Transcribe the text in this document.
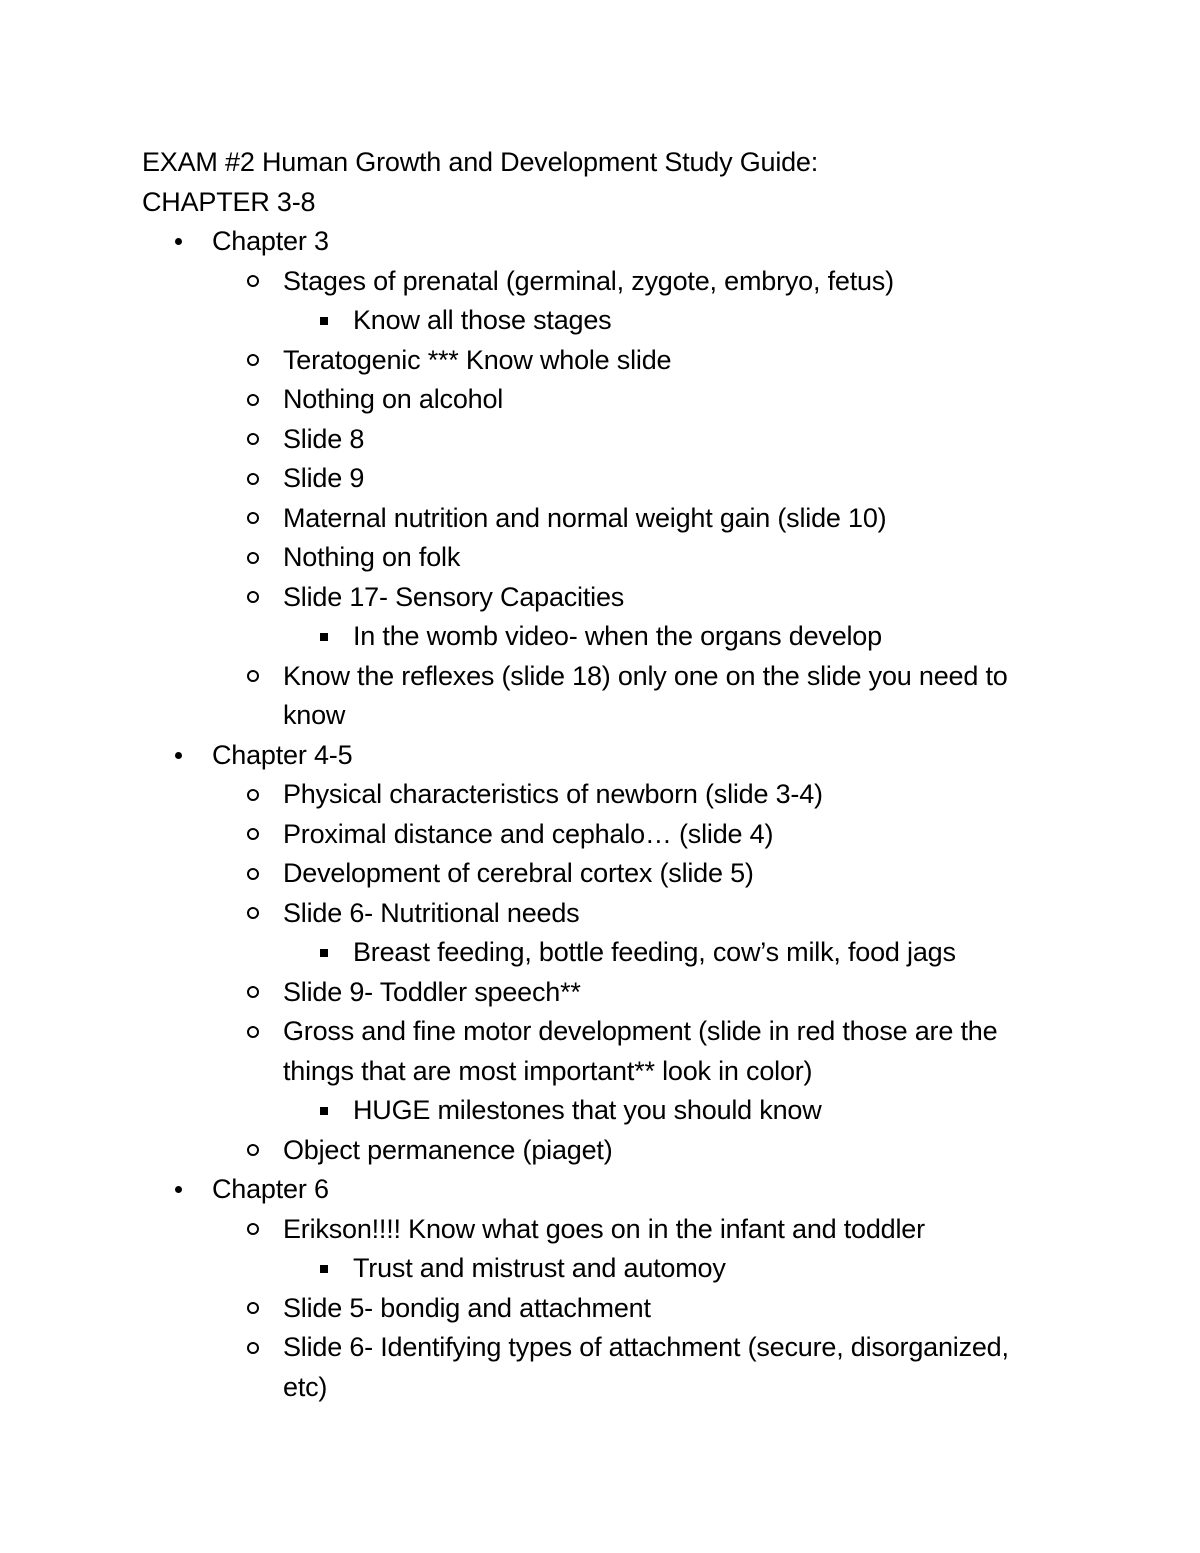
EXAM #2 Human Growth and Development Study Guide:

CHAPTER 3-8

Chapter 3
Stages of prenatal (germinal, zygote, embryo, fetus)
Know all those stages
Teratogenic *** Know whole slide
Nothing on alcohol
Slide 8
Slide 9
Maternal nutrition and normal weight gain (slide 10)
Nothing on folk
Slide 17- Sensory Capacities
In the womb video- when the organs develop
Know the reflexes (slide 18) only one on the slide you need to know
Chapter 4-5
Physical characteristics of newborn (slide 3-4)
Proximal distance and cephalo… (slide 4)
Development of cerebral cortex (slide 5)
Slide 6- Nutritional needs
Breast feeding, bottle feeding, cow’s milk, food jags
Slide 9- Toddler speech**
Gross and fine motor development (slide in red those are the things that are most important** look in color)
HUGE milestones that you should know
Object permanence (piaget)
Chapter 6
Erikson!!!! Know what goes on in the infant and toddler
Trust and mistrust and automoy
Slide 5- bondig and attachment
Slide 6- Identifying types of attachment (secure, disorganized, etc)
